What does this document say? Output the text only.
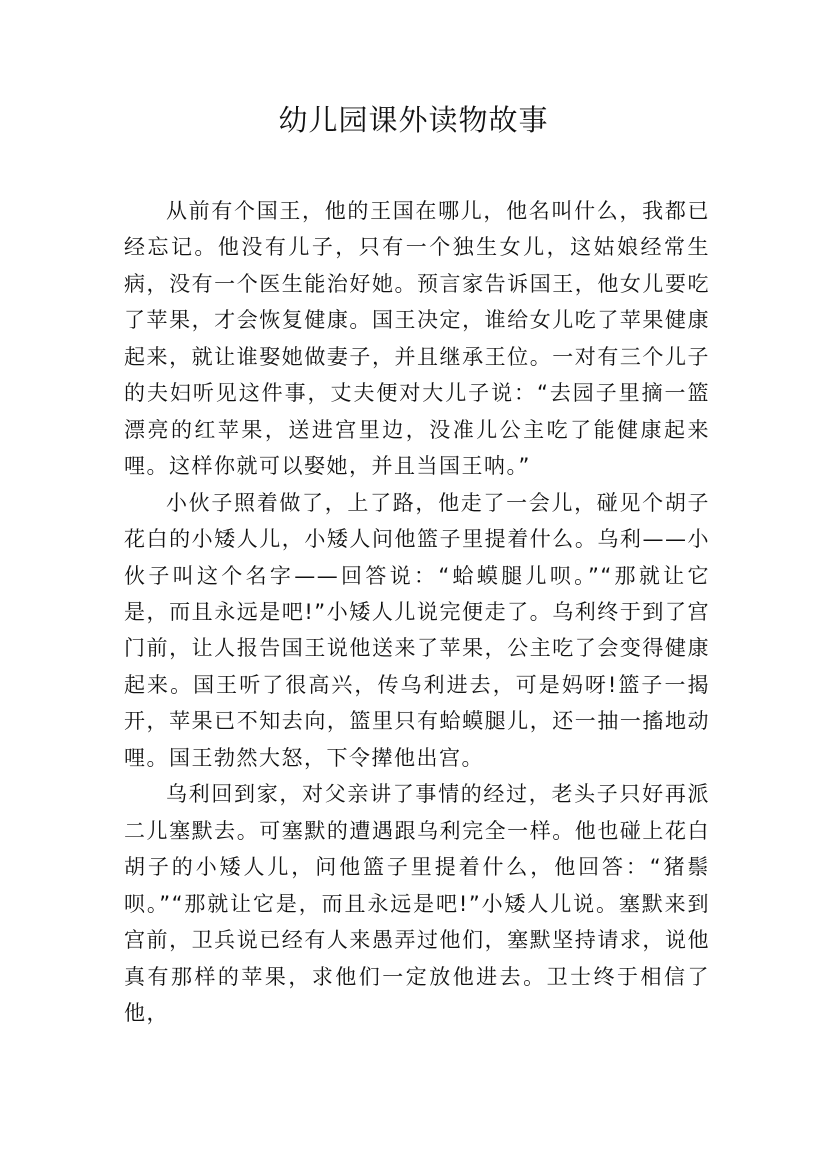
幼儿园课外读物故事

从前有个国王，他的王国在哪儿，他名叫什么，我都已经忘记。他没有儿子，只有一个独生女儿，这姑娘经常生病，没有一个医生能治好她。预言家告诉国王，他女儿要吃了苹果，才会恢复健康。国王决定，谁给女儿吃了苹果健康起来，就让谁娶她做妻子，并且继承王位。一对有三个儿子的夫妇听见这件事，丈夫便对大儿子说：“去园子里摘一篮漂亮的红苹果，送进宫里边，没准儿公主吃了能健康起来哩。这样你就可以娶她，并且当国王呐。”

小伙子照着做了，上了路，他走了一会儿，碰见个胡子花白的小矮人儿，小矮人问他篮子里提着什么。乌利——小伙子叫这个名字——回答说：“蛤蟆腿儿呗。”“那就让它是，而且永远是吧!”小矮人儿说完便走了。乌利终于到了宫门前，让人报告国王说他送来了苹果，公主吃了会变得健康起来。国王听了很高兴，传乌利进去，可是妈呀!篮子一揭开，苹果已不知去向，篮里只有蛤蟆腿儿，还一抽一搐地动哩。国王勃然大怒，下令撵他出宫。

乌利回到家，对父亲讲了事情的经过，老头子只好再派二儿塞默去。可塞默的遭遇跟乌利完全一样。他也碰上花白胡子的小矮人儿，问他篮子里提着什么，他回答：“猪鬃呗。”“那就让它是，而且永远是吧!”小矮人儿说。塞默来到宫前，卫兵说已经有人来愚弄过他们，塞默坚持请求，说他真有那样的苹果，求他们一定放他进去。卫士终于相信了他，
